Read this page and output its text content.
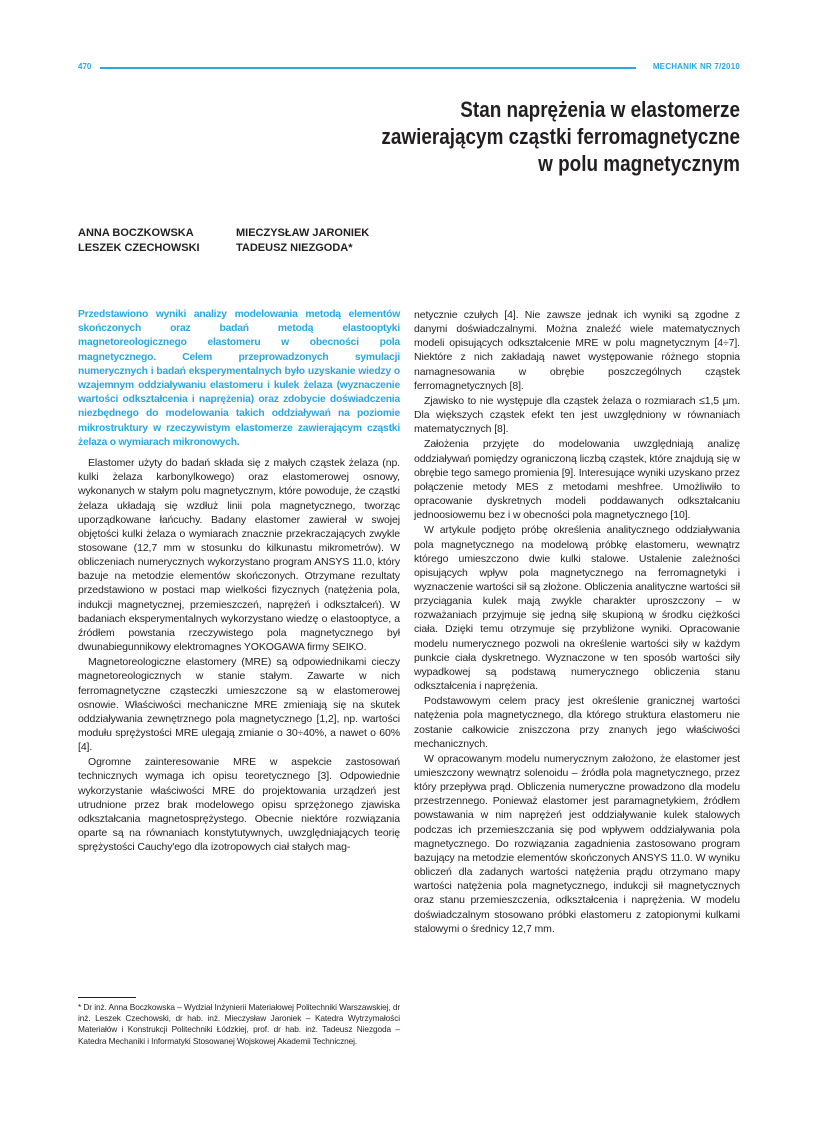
470	MECHANIK NR 7/2010
Stan naprężenia w elastomerze
zawierającym cząstki ferromagnetyczne
w polu magnetycznym
ANNA BOCZKOWSKA
LESZEK CZECHOWSKI
MIECZYSŁAW JARONIEK
TADEUSZ NIEZGODA*

Przedstawiono wyniki analizy modelowania metodą elementów skończonych oraz badań metodą elastooptyki magnetoreologicznego elastomeru w obecności pola magnetycznego. Celem przeprowadzonych symulacji numerycznych i badań eksperymentalnych było uzyskanie wiedzy o wzajemnym oddziaływaniu elastomeru i kulek żelaza (wyznaczenie wartości odkształcenia i naprężenia) oraz zdobycie doświadczenia niezbędnego do modelowania takich oddziaływań na poziomie mikrostruktury w rzeczywistym elastomerze zawierającym cząstki żelaza o wymiarach mikronowych.

Elastomer użyty do badań składa się z małych cząstek żelaza (np. kulki żelaza karbonylkowego) oraz elastomerowej osnowy, wykonanych w stałym polu magnetycznym, które powoduje, że cząstki żelaza układają się wzdłuż linii pola magnetycznego, tworząc uporządkowane łańcuchy. Badany elastomer zawierał w swojej objętości kulki żelaza o wymiarach znacznie przekraczających zwykle stosowane (12,7 mm w stosunku do kilkunastu mikrometrów). W obliczeniach numerycznych wykorzystano program ANSYS 11.0, który bazuje na metodzie elementów skończonych. Otrzymane rezultaty przedstawiono w postaci map wielkości fizycznych (natężenia pola, indukcji magnetycznej, przemieszczeń, naprężeń i odkształceń). W badaniach eksperymentalnych wykorzystano wiedzę o elastooptyce, a źródłem powstania rzeczywistego pola magnetycznego był dwunabiegunnikowy elektromagnes YOKOGAWA firmy SEIKO.

Magnetoreologiczne elastomery (MRE) są odpowiednikami cieczy magnetoreologicznych w stanie stałym. Zawarte w nich ferromagnetyczne cząsteczki umieszczone są w elastomerowej osnowie. Właściwości mechaniczne MRE zmieniają się na skutek oddziaływania zewnętrznego pola magnetycznego [1,2], np. wartości modułu sprężystości MRE ulegają zmianie o 30÷40%, a nawet o 60% [4].

Ogromne zainteresowanie MRE w aspekcie zastosowań technicznych wymaga ich opisu teoretycznego [3]. Odpowiednie wykorzystanie właściwości MRE do projektowania urządzeń jest utrudnione przez brak modelowego opisu sprzężonego zjawiska odkształcania magnetosprężystego. Obecnie niektóre rozwiązania oparte są na równaniach konstytutywnych, uwzględniających teorię sprężystości Cauchy'ego dla izotropowych ciał stałych mag-

* Dr inż. Anna Boczkowska – Wydział Inżynierii Materiałowej Politechniki Warszawskiej, dr inż. Leszek Czechowski, dr hab. inż. Mieczysław Jaroniek – Katedra Wytrzymałości Materiałów i Konstrukcji Politechniki Łódzkiej, prof. dr hab. inż. Tadeusz Niezgoda – Katedra Mechaniki i Informatyki Stosowanej Wojskowej Akademii Technicznej.

netycznie czułych [4]. Nie zawsze jednak ich wyniki są zgodne z danymi doświadczalnymi. Można znaleźć wiele matematycznych modeli opisujących odkształcenie MRE w polu magnetycznym [4÷7]. Niektóre z nich zakładają nawet występowanie różnego stopnia namagnesowania w obrębie poszczególnych cząstek ferromagnetycznych [8].

Zjawisko to nie występuje dla cząstek żelaza o rozmiarach ≤1,5 µm. Dla większych cząstek efekt ten jest uwzględniony w równaniach matematycznych [8].

Założenia przyjęte do modelowania uwzględniają analizę oddziaływań pomiędzy ograniczoną liczbą cząstek, które znajdują się w obrębie tego samego promienia [9]. Interesujące wyniki uzyskano przez połączenie metody MES z metodami meshfree. Umożliwiło to opracowanie dyskretnych modeli poddawanych odkształcaniu jednoosiowemu bez i w obecności pola magnetycznego [10].

W artykule podjęto próbę określenia analitycznego oddziaływania pola magnetycznego na modelową próbkę elastomeru, wewnątrz którego umieszczono dwie kulki stalowe. Ustalenie zależności opisujących wpływ pola magnetycznego na ferromagnetyki i wyznaczenie wartości sił są złożone. Obliczenia analityczne wartości sił przyciągania kulek mają zwykle charakter uproszczony – w rozważaniach przyjmuje się jedną siłę skupioną w środku ciężkości ciała. Dzięki temu otrzymuje się przybliżone wyniki. Opracowanie modelu numerycznego pozwoli na określenie wartości siły w każdym punkcie ciała dyskretnego. Wyznaczone w ten sposób wartości siły wypadkowej są podstawą numerycznego obliczenia stanu odkształcenia i naprężenia.

Podstawowym celem pracy jest określenie granicznej wartości natężenia pola magnetycznego, dla którego struktura elastomeru nie zostanie całkowicie zniszczona przy znanych jego właściwości mechanicznych.

W opracowanym modelu numerycznym założono, że elastomer jest umieszczony wewnątrz solenoidu – źródła pola magnetycznego, przez który przepływa prąd. Obliczenia numeryczne prowadzono dla modelu przestrzennego. Ponieważ elastomer jest paramagnetykiem, źródłem powstawania w nim naprężeń jest oddziaływanie kulek stalowych podczas ich przemieszczania się pod wpływem oddziaływania pola magnetycznego. Do rozwiązania zagadnienia zastosowano program bazujący na metodzie elementów skończonych ANSYS 11.0. W wyniku obliczeń dla zadanych wartości natężenia prądu otrzymano mapy wartości natężenia pola magnetycznego, indukcji sił magnetycznych oraz stanu przemieszczenia, odkształcenia i naprężenia. W modelu doświadczalnym stosowano próbki elastomeru z zatopionymi kulkami stalowymi o średnicy 12,7 mm.
